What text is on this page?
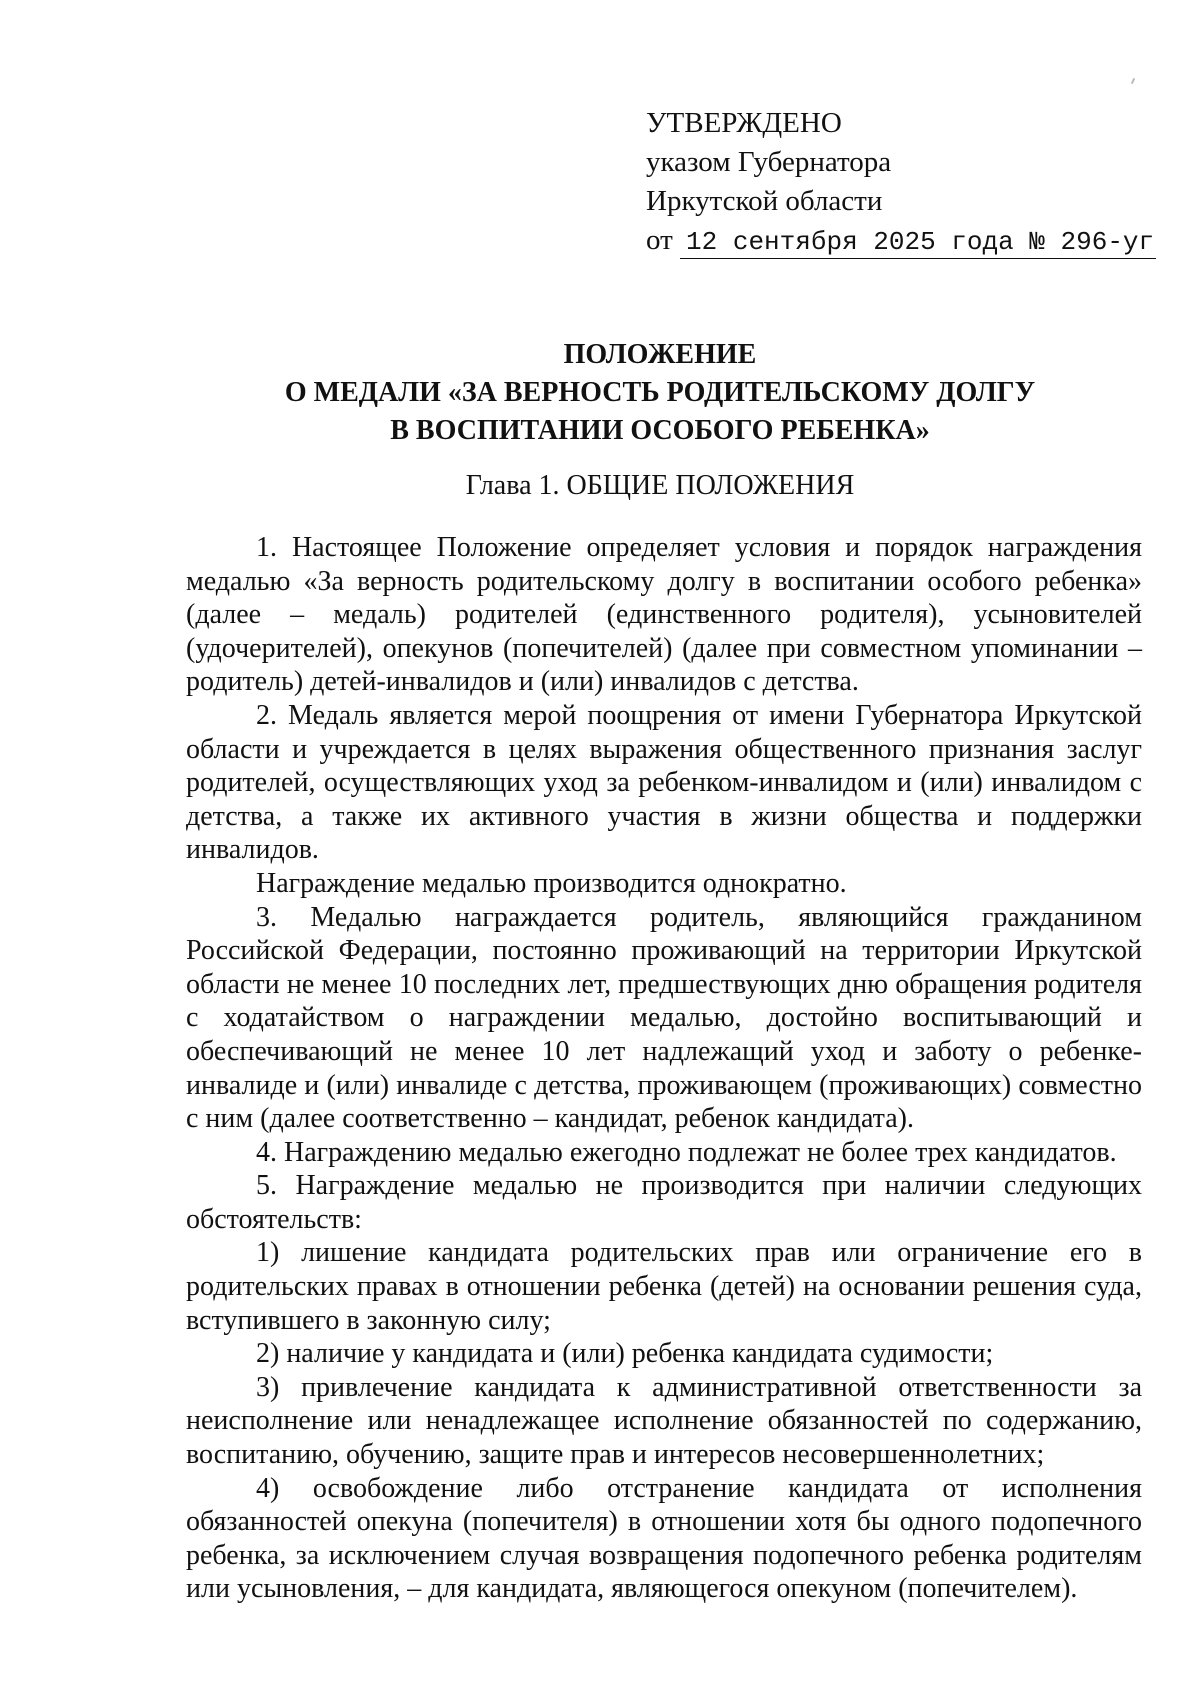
УТВЕРЖДЕНО
указом Губернатора
Иркутской области
от 12 сентября 2025 года № 296-уг
ПОЛОЖЕНИЕ
О МЕДАЛИ «ЗА ВЕРНОСТЬ РОДИТЕЛЬСКОМУ ДОЛГУ
В ВОСПИТАНИИ ОСОБОГО РЕБЕНКА»
Глава 1. ОБЩИЕ ПОЛОЖЕНИЯ

1. Настоящее Положение определяет условия и порядок награждения медалью «За верность родительскому долгу в воспитании особого ребенка» (далее – медаль) родителей (единственного родителя), усыновителей (удочерителей), опекунов (попечителей) (далее при совместном упоминании – родитель) детей-инвалидов и (или) инвалидов с детства.

2. Медаль является мерой поощрения от имени Губернатора Иркутской области и учреждается в целях выражения общественного признания заслуг родителей, осуществляющих уход за ребенком-инвалидом и (или) инвалидом с детства, а также их активного участия в жизни общества и поддержки инвалидов.

Награждение медалью производится однократно.

3. Медалью награждается родитель, являющийся гражданином Российской Федерации, постоянно проживающий на территории Иркутской области не менее 10 последних лет, предшествующих дню обращения родителя с ходатайством о награждении медалью, достойно воспитывающий и обеспечивающий не менее 10 лет надлежащий уход и заботу о ребенке-инвалиде и (или) инвалиде с детства, проживающем (проживающих) совместно с ним (далее соответственно – кандидат, ребенок кандидата).

4. Награждению медалью ежегодно подлежат не более трех кандидатов.

5. Награждение медалью не производится при наличии следующих обстоятельств:

1) лишение кандидата родительских прав или ограничение его в родительских правах в отношении ребенка (детей) на основании решения суда, вступившего в законную силу;

2) наличие у кандидата и (или) ребенка кандидата судимости;

3) привлечение кандидата к административной ответственности за неисполнение или ненадлежащее исполнение обязанностей по содержанию, воспитанию, обучению, защите прав и интересов несовершеннолетних;

4) освобождение либо отстранение кандидата от исполнения обязанностей опекуна (попечителя) в отношении хотя бы одного подопечного ребенка, за исключением случая возвращения подопечного ребенка родителям или усыновления, – для кандидата, являющегося опекуном (попечителем).
